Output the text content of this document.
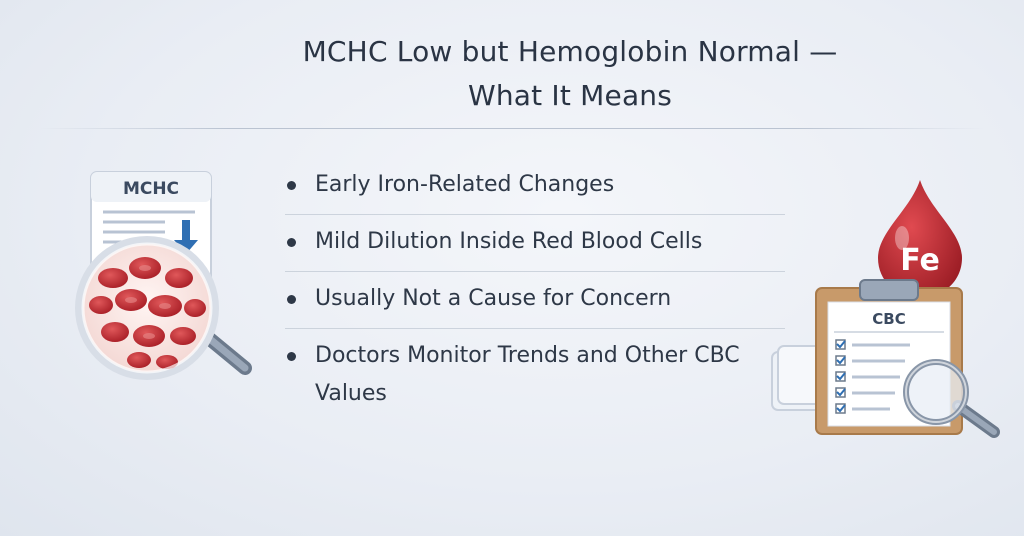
MCHC Low but Hemoglobin Normal —
What It Means
MCHC	Early Iron-Related Changes
Mild Dilution Inside Red Blood Cells
Usually Not a Cause for Concern
Doctors Monitor Trends and Other CBC Values
Fe
CBC
